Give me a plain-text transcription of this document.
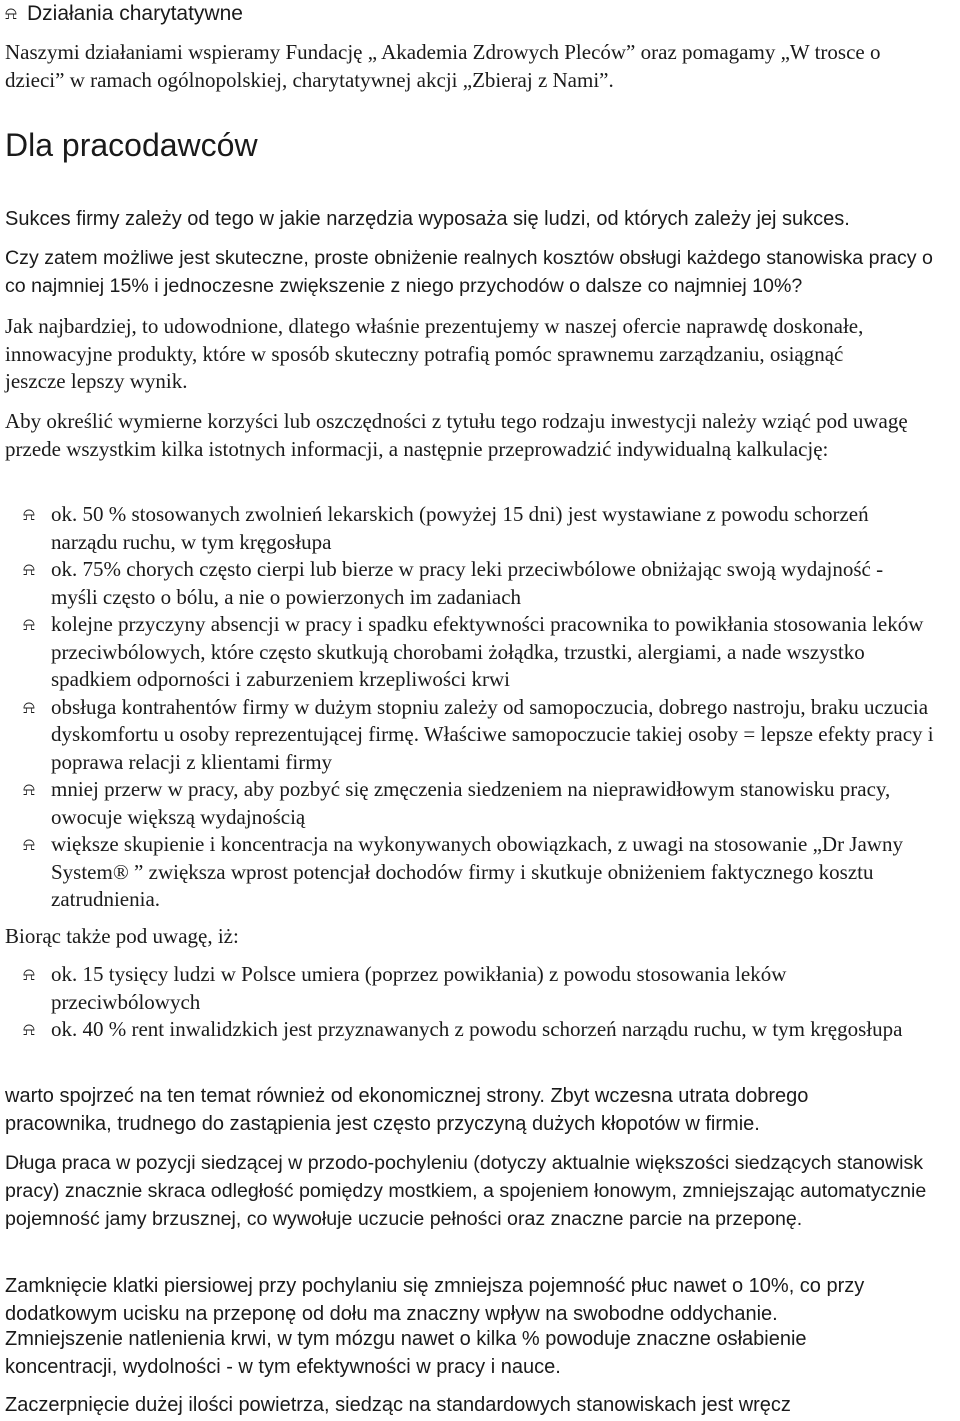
⍾ Działania charytatywne

Naszymi działaniami wspieramy Fundację „ Akademia Zdrowych Pleców” oraz pomagamy „W trosce o dzieci” w ramach ogólnopolskiej, charytatywnej akcji „Zbieraj z Nami”.

Dla pracodawców

Sukces firmy zależy od tego w jakie narzędzia wyposaża się ludzi, od których zależy jej sukces.

Czy zatem możliwe jest skuteczne, proste obniżenie realnych kosztów obsługi każdego stanowiska pracy o co najmniej 15% i jednoczesne zwiększenie z niego przychodów o dalsze co najmniej 10%?

Jak najbardziej, to udowodnione, dlatego właśnie prezentujemy w naszej ofercie naprawdę doskonałe, innowacyjne produkty, które w sposób skuteczny potrafią pomóc sprawnemu zarządzaniu, osiągnąć jeszcze lepszy wynik.

Aby określić wymierne korzyści lub oszczędności z tytułu tego rodzaju inwestycji należy wziąć pod uwagę przede wszystkim kilka istotnych informacji, a następnie przeprowadzić indywidualną kalkulację:

⍾ ok. 50 % stosowanych zwolnień lekarskich (powyżej 15 dni) jest wystawiane z powodu schorzeń narządu ruchu, w tym kręgosłupa
⍾ ok. 75% chorych często cierpi lub bierze w pracy leki przeciwbólowe obniżając swoją wydajność - myśli często o bólu, a nie o powierzonych im zadaniach
⍾ kolejne przyczyny absencji w pracy i spadku efektywności pracownika to powikłania stosowania leków przeciwbólowych, które często skutkują chorobami żołądka, trzustki, alergiami, a nade wszystko spadkiem odporności i zaburzeniem krzepliwości krwi
⍾ obsługa kontrahentów firmy w dużym stopniu zależy od samopoczucia, dobrego nastroju, braku uczucia dyskomfortu u osoby reprezentującej firmę. Właściwe samopoczucie takiej osoby = lepsze efekty pracy i poprawa relacji z klientami firmy
⍾ mniej przerw w pracy, aby pozbyć się zmęczenia siedzeniem na nieprawidłowym stanowisku pracy, owocuje większą wydajnością
⍾ większe skupienie i koncentracja na wykonywanych obowiązkach, z uwagi na stosowanie „Dr Jawny System® ” zwiększa wprost potencjał dochodów firmy i skutkuje obniżeniem faktycznego kosztu zatrudnienia.

Biorąc także pod uwagę, iż:

⍾ ok. 15 tysięcy ludzi w Polsce umiera (poprzez powikłania) z powodu stosowania leków przeciwbólowych
⍾ ok. 40 % rent inwalidzkich jest przyznawanych z powodu schorzeń narządu ruchu, w tym kręgosłupa

warto spojrzeć na ten temat również od ekonomicznej strony. Zbyt wczesna utrata dobrego pracownika, trudnego do zastąpienia jest często przyczyną dużych kłopotów w firmie.

Długa praca w pozycji siedzącej w przodo-pochyleniu (dotyczy aktualnie większości siedzących stanowisk pracy) znacznie skraca odległość pomiędzy mostkiem, a spojeniem łonowym, zmniejszając automatycznie pojemność jamy brzusznej, co wywołuje uczucie pełności oraz znaczne parcie na przeponę.

Zamknięcie klatki piersiowej przy pochylaniu się zmniejsza pojemność płuc nawet o 10%, co przy dodatkowym ucisku na przeponę od dołu ma znaczny wpływ na swobodne oddychanie.

Zmniejszenie natlenienia krwi, w tym mózgu nawet o kilka % powoduje znaczne osłabienie koncentracji, wydolności - w tym efektywności w pracy i nauce.

Zaczerpnięcie dużej ilości powietrza, siedząc na standardowych stanowiskach jest wręcz
